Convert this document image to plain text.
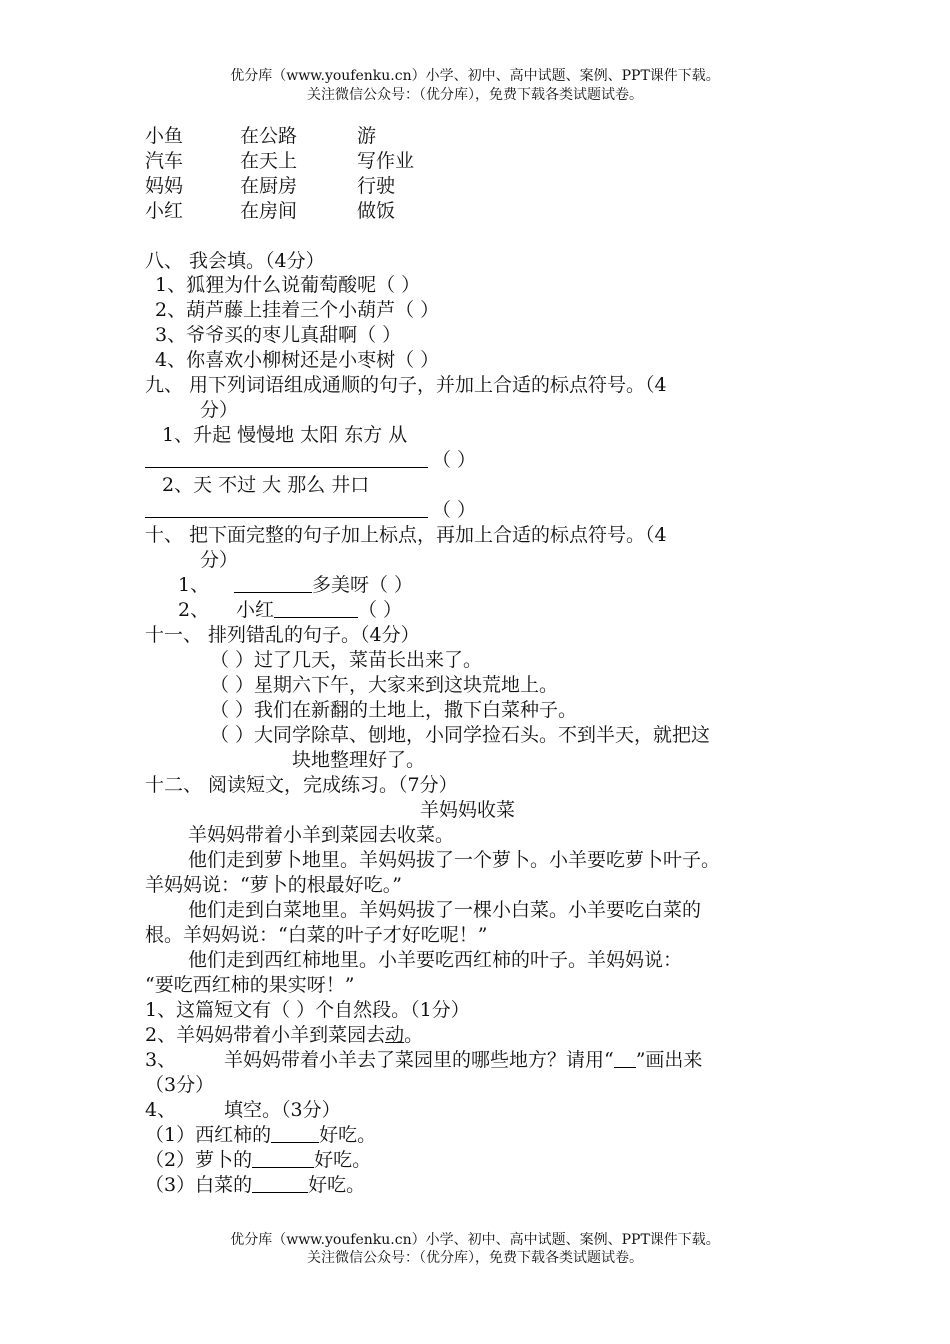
优分库（www.youfenku.cn）小学、初中、高中试题、案例、PPT课件下载。
关注微信公众号：（优分库），免费下载各类试题试卷。
小鱼	在公路	游
汽车	在天上	写作业
妈妈	在厨房	行驶
小红	在房间	做饭
八、 我会填。（4分）
1、狐狸为什么说葡萄酸呢（ ）
2、葫芦藤上挂着三个小葫芦（ ）
3、爷爷买的枣儿真甜啊（ ）
4、你喜欢小柳树还是小枣树（ ）
九、 用下列词语组成通顺的句子，并加上合适的标点符号。（4
分）
1、升起 慢慢地 太阳 东方 从
（ ）
2、天 不过 大 那么 井口
（ ）
十、 把下面完整的句子加上标点，再加上合适的标点符号。（4
分）
1、	多美呀（ ）
2、 小红	（ ）
十一、 排列错乱的句子。（4分）
（ ）过了几天，菜苗长出来了。
（ ）星期六下午，大家来到这块荒地上。
（ ）我们在新翻的土地上，撒下白菜种子。
（ ）大同学除草、刨地，小同学捡石头。不到半天，就把这
块地整理好了。
十二、 阅读短文，完成练习。（7分）
羊妈妈收菜
羊妈妈带着小羊到菜园去收菜。
他们走到萝卜地里。羊妈妈拔了一个萝卜。小羊要吃萝卜叶子。
羊妈妈说：“萝卜的根最好吃。”
他们走到白菜地里。羊妈妈拔了一棵小白菜。小羊要吃白菜的
根。羊妈妈说：“白菜的叶子才好吃呢！”
他们走到西红柿地里。小羊要吃西红柿的叶子。羊妈妈说：
“要吃西红柿的果实呀！”
1、这篇短文有（ ）个自然段。（1分）
2、羊妈妈带着小羊到菜园去动。
3、	羊妈妈带着小羊去了菜园里的哪些地方？请用“ ”画出来
（3分）
4、	填空。（3分）
（1）西红柿的	好吃。
（2）萝卜的	好吃。
（3）白菜的	好吃。
优分库（www.youfenku.cn）小学、初中、高中试题、案例、PPT课件下载。
关注微信公众号：（优分库），免费下载各类试题试卷。
